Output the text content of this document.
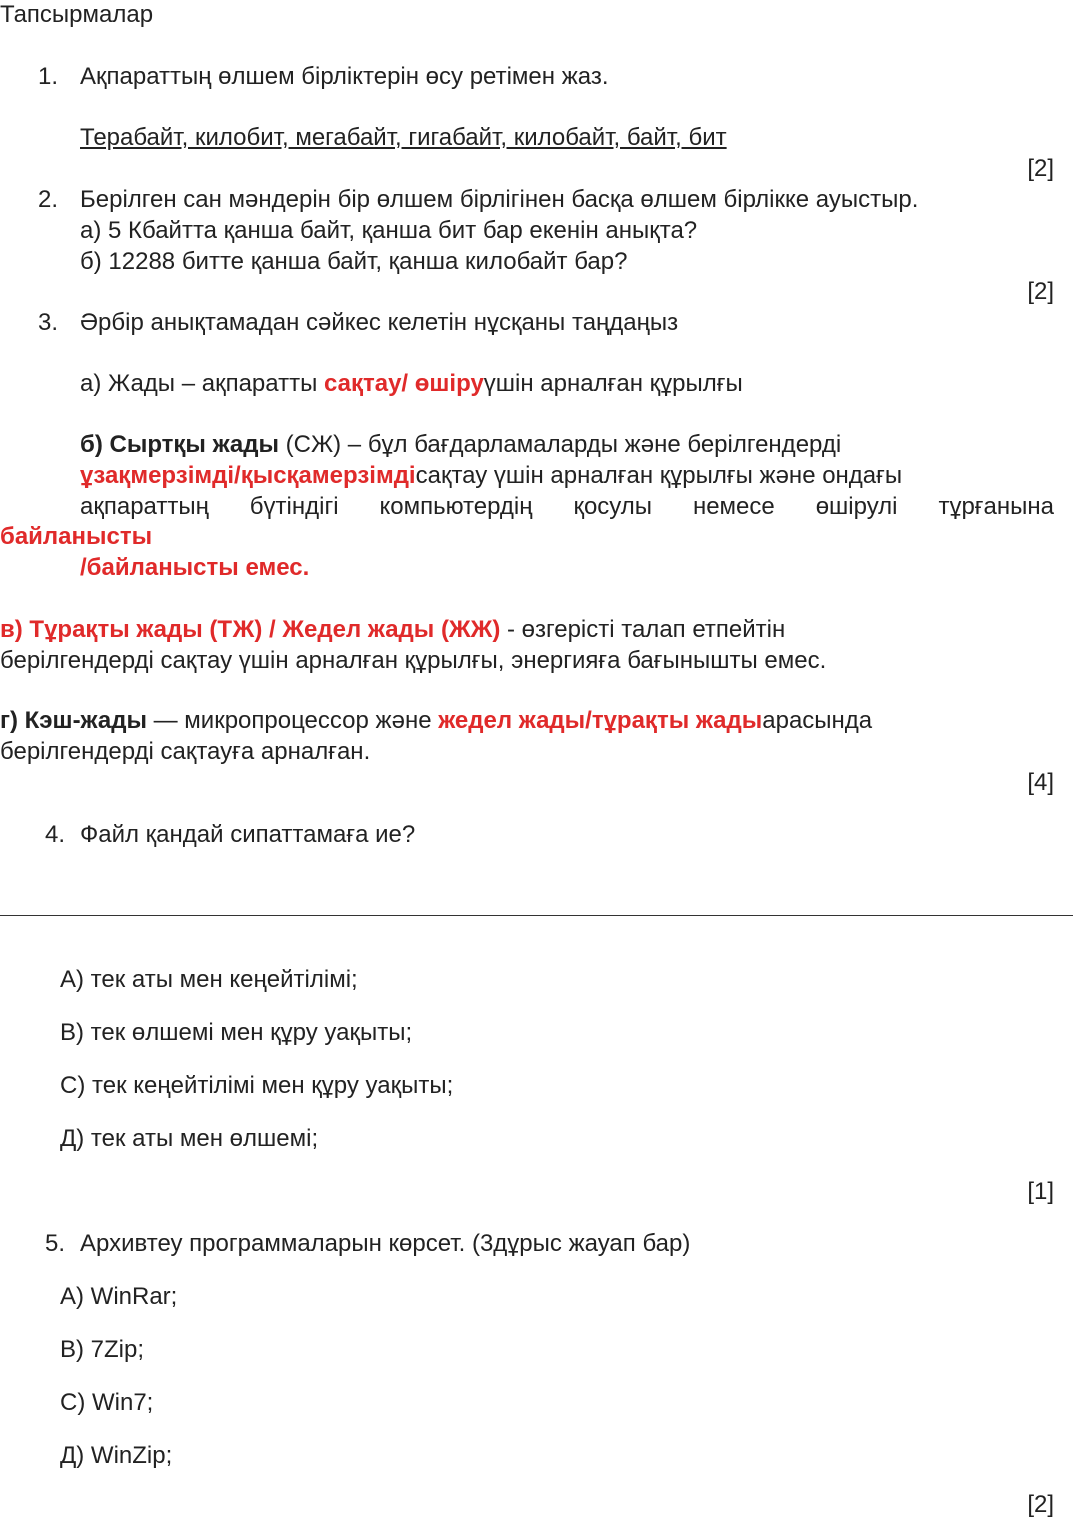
Тапсырмалар
1. Ақпараттың өлшем бірліктерін өсу ретімен жаз.
Терабайт, килобит, мегабайт, гигабайт, килобайт, байт, бит
[2]
2. Берілген сан мәндерін бір өлшем бірлігінен басқа өлшем бірлікке ауыстыр.
а) 5 Кбайтта қанша байт, қанша бит бар екенін анықта?
б) 12288 битте қанша байт, қанша килобайт бар?
[2]
3. Әрбір анықтамадан сәйкес келетін нұсқаны таңдаңыз
а) Жады – ақпаратты сақтау/ өшіруүшін арналған құрылғы
б) Сыртқы жады (СЖ) – бұл бағдарламаларды және берілгендерді
ұзақмерзімді/қысқамерзімдісақтау үшін арналған құрылғы және ондағы
ақпараттың бүтіндігі компьютердің қосулы немесе өшірулі тұрғанына
байланысты
/байланысты емес.
в) Тұрақты жады (ТЖ) / Жедел жады (ЖЖ) - өзгерісті талап етпейтін
берілгендерді сақтау үшін арналған құрылғы, энергияға бағынышты емес.
г) Кэш-жады — микропроцессор және жедел жады/тұрақты жадыарасында
берілгендерді сақтауға арналған.
[4]
4. Файл қандай сипаттамаға ие?
А) тек аты мен кеңейтілімі;
В) тек өлшемі мен құру уақыты;
С) тек кеңейтілімі мен құру уақыты;
Д) тек аты мен өлшемі;
[1]
5. Архивтеу программаларын көрсет. (3дұрыс жауап бар)
А) WinRar;
В) 7Zip;
С) Win7;
Д) WinZip;
[2]
